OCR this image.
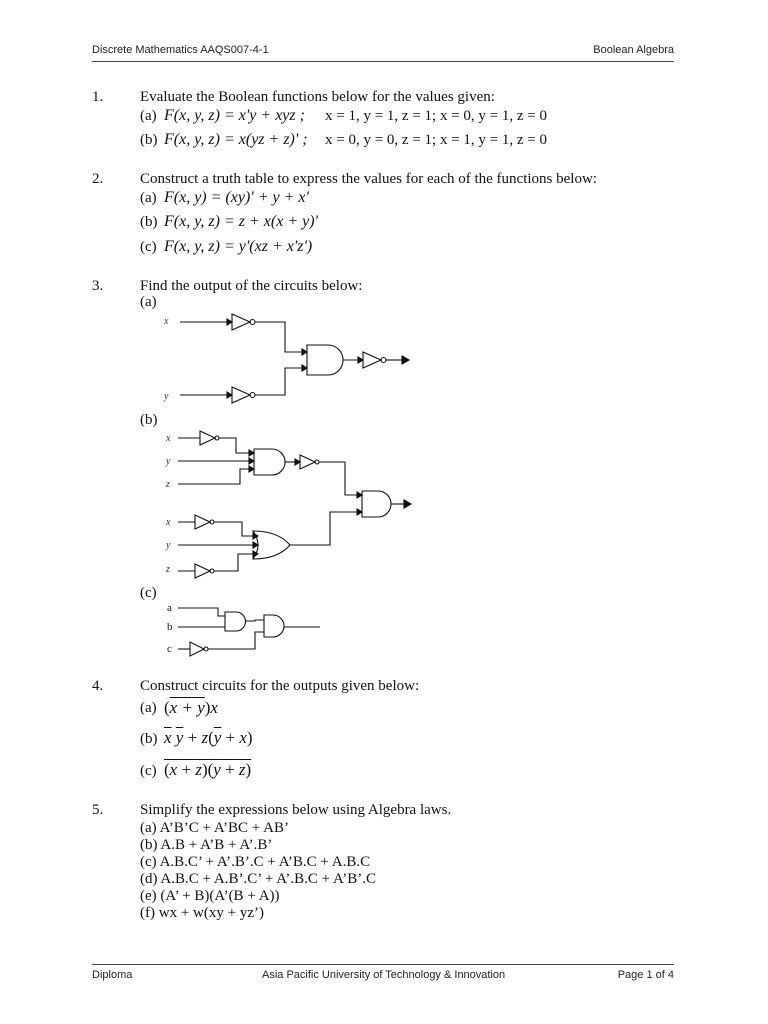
Discrete Mathematics AAQS007-4-1	Boolean Algebra
1. Evaluate the Boolean functions below for the values given:
(a) F(x, y, z) = x'y + xyz ; x = 1, y = 1, z = 1; x = 0, y = 1, z = 0
(b) F(x, y, z) = x(yz + z)' ; x = 0, y = 0, z = 1; x = 1, y = 1, z = 0
2. Construct a truth table to express the values for each of the functions below:
(a) F(x, y) = (xy)' + y + x'
(b) F(x, y, z) = z + x(x + y)'
(c) F(x, y, z) = y'(xz + x'z')
3. Find the output of the circuits below:
(a)
x
y
(b)
x
y
z
x
y
z
(c)
a
b
c
4. Construct circuits for the outputs given below:
(a) (x + y)x
(b) $\overline{x}$ $\overline{y} + z(\overline{y} + x)$
(c) (x + z)(y + z)
5. Simplify the expressions below using Algebra laws.
(a) A’B’C + A’BC + AB’
(b) A.B + A’B + A’.B’
(c) A.B.C’ + A’.B’.C + A’B.C + A.B.C
(d) A.B.C + A.B’.C’ + A’.B.C + A’B’.C
(e) (A’ + B)(A’(B + A))
(f) wx + w(xy + yz’)
Diploma	Asia Pacific University of Technology & Innovation	Page 1 of 4
